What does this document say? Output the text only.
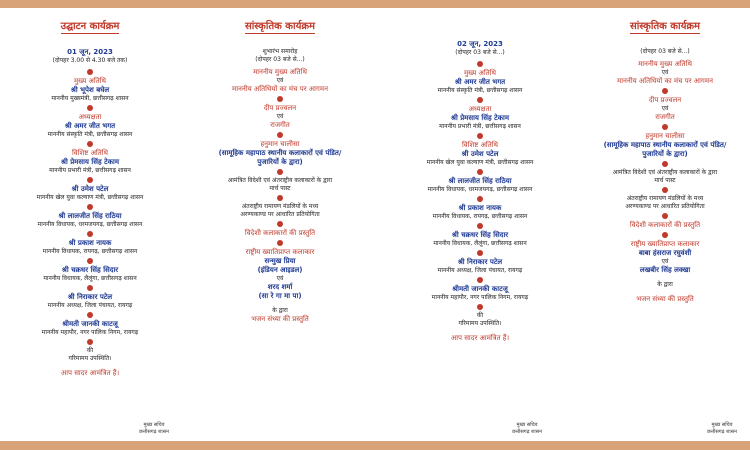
उद्घाटन कार्यक्रम
01 जून, 2023
(दोपहर 3.00 से 4.30 बजे तक)
मुख्य अतिथि
श्री भूपेश बघेल
माननीय मुख्यमंत्री, छत्तीसगढ़ शासन
अध्यक्षता
श्री अमर जीत भगत
माननीय संस्कृति मंत्री, छत्तीसगढ़ शासन
विशिष्ट अतिथि
श्री प्रेमसाय सिंह टेकाम
माननीय प्रभारी मंत्री, छत्तीसगढ़ शासन
श्री उमेश पटेल
माननीय खेल युवा कल्याण मंत्री, छत्तीसगढ़ शासन
श्री लालजीत सिंह राठिया
माननीय विधायक, धरमजयगढ़, छत्तीसगढ़ शासन
श्री प्रकाश नायक
माननीय विधायक, रायगढ़, छत्तीसगढ़ शासन
श्री चक्रधर सिंह सिदार
माननीय विधायक, लैलूंगा, छत्तीसगढ़ शासन
श्री निराकार पटेल
माननीय अध्यक्ष, जिला पंचायत, रायगढ़
श्रीमती जानकी काटजू
माननीय महापौर, नगर पालिक निगम, रायगढ़
की
गरिमामय उपस्थिति।
आप सादर आमंत्रित हैं।
सांस्कृतिक कार्यक्रम
शुभारंभ समारोह
(दोपहर 03 बजे से...)
माननीय मुख्य अतिथि
एवं
माननीय अतिथियों का मंच पर आगमन
दीप प्रज्वलन
एवं
राजगीत
हनुमान चालीसा
(सामूहिक महापाठ स्थानीय कलाकारों एवं पंडित/
पुजारियों के द्वारा)
आमंत्रित विदेशी एवं अंतराष्ट्रीय कलाकारों के द्वारा
मार्च पास्ट
अंतराष्ट्रीय रामायण मंडलियों के मध्य
अरण्यकाण्ड पर आधारित प्रतियोगिता
विदेशी कलाकारों की प्रस्तुति
राष्ट्रीय ख्यातिप्राप्त कलाकार
सन्मुख प्रिया
(इंडियन आइडल)
एवं
शरद शर्मा
(सा रे गा मा पा)
के द्वारा
भजन संध्या की प्रस्तुति
02 जून, 2023
(दोपहर 03 बजे से...)
मुख्य अतिथि
श्री अमर जीत भगत
माननीय संस्कृति मंत्री, छत्तीसगढ़ शासन
अध्यक्षता
श्री प्रेमसाय सिंह टेकाम
माननीय प्रभारी मंत्री, छत्तीसगढ़ शासन
विशिष्ट अतिथि
श्री उमेश पटेल
माननीय खेल युवा कल्याण मंत्री, छत्तीसगढ़ शासन
श्री लालजीत सिंह राठिया
माननीय विधायक, धरमजयगढ़, छत्तीसगढ़ शासन
श्री प्रकाश नायक
माननीय विधायक, रायगढ़, छत्तीसगढ़ शासन
श्री चक्रधर सिंह सिदार
माननीय विधायक, लैलूंगा, छत्तीसगढ़ शासन
श्री निराकार पटेल
माननीय अध्यक्ष, जिला पंचायत, रायगढ़
श्रीमती जानकी काटजू
माननीय महापौर, नगर पालिक निगम, रायगढ़
की
गरिमामय उपस्थिति।
आप सादर आमंत्रित हैं।
सांस्कृतिक कार्यक्रम
(दोपहर 03 बजे से...)
माननीय मुख्य अतिथि
एवं
माननीय अतिथियों का मंच पर आगमन
दीप प्रज्वलन
एवं
राजगीत
हनुमान चालीसा
(सामूहिक महापाठ स्थानीय कलाकारों एवं पंडित/
पुजारियों के द्वारा)
आमंत्रित विदेशी एवं अंतराष्ट्रीय कलाकारों के द्वारा
मार्च पास्ट
अंतराष्ट्रीय रामायण मंडलियों के मध्य
अरण्यकाण्ड पर आधारित प्रतियोगिता
विदेशी कलाकारों की प्रस्तुति
राष्ट्रीय ख्यातिप्राप्त कलाकार
बाबा हंसराज रघुवंशी
एवं
लखबीर सिंह लक्खा
के द्वारा
भजन संध्या की प्रस्तुति
मुख्य सचिव
छत्तीसगढ़ शासन
मुख्य सचिव
छत्तीसगढ़ शासन
मुख्य सचिव
छत्तीसगढ़ शासन
